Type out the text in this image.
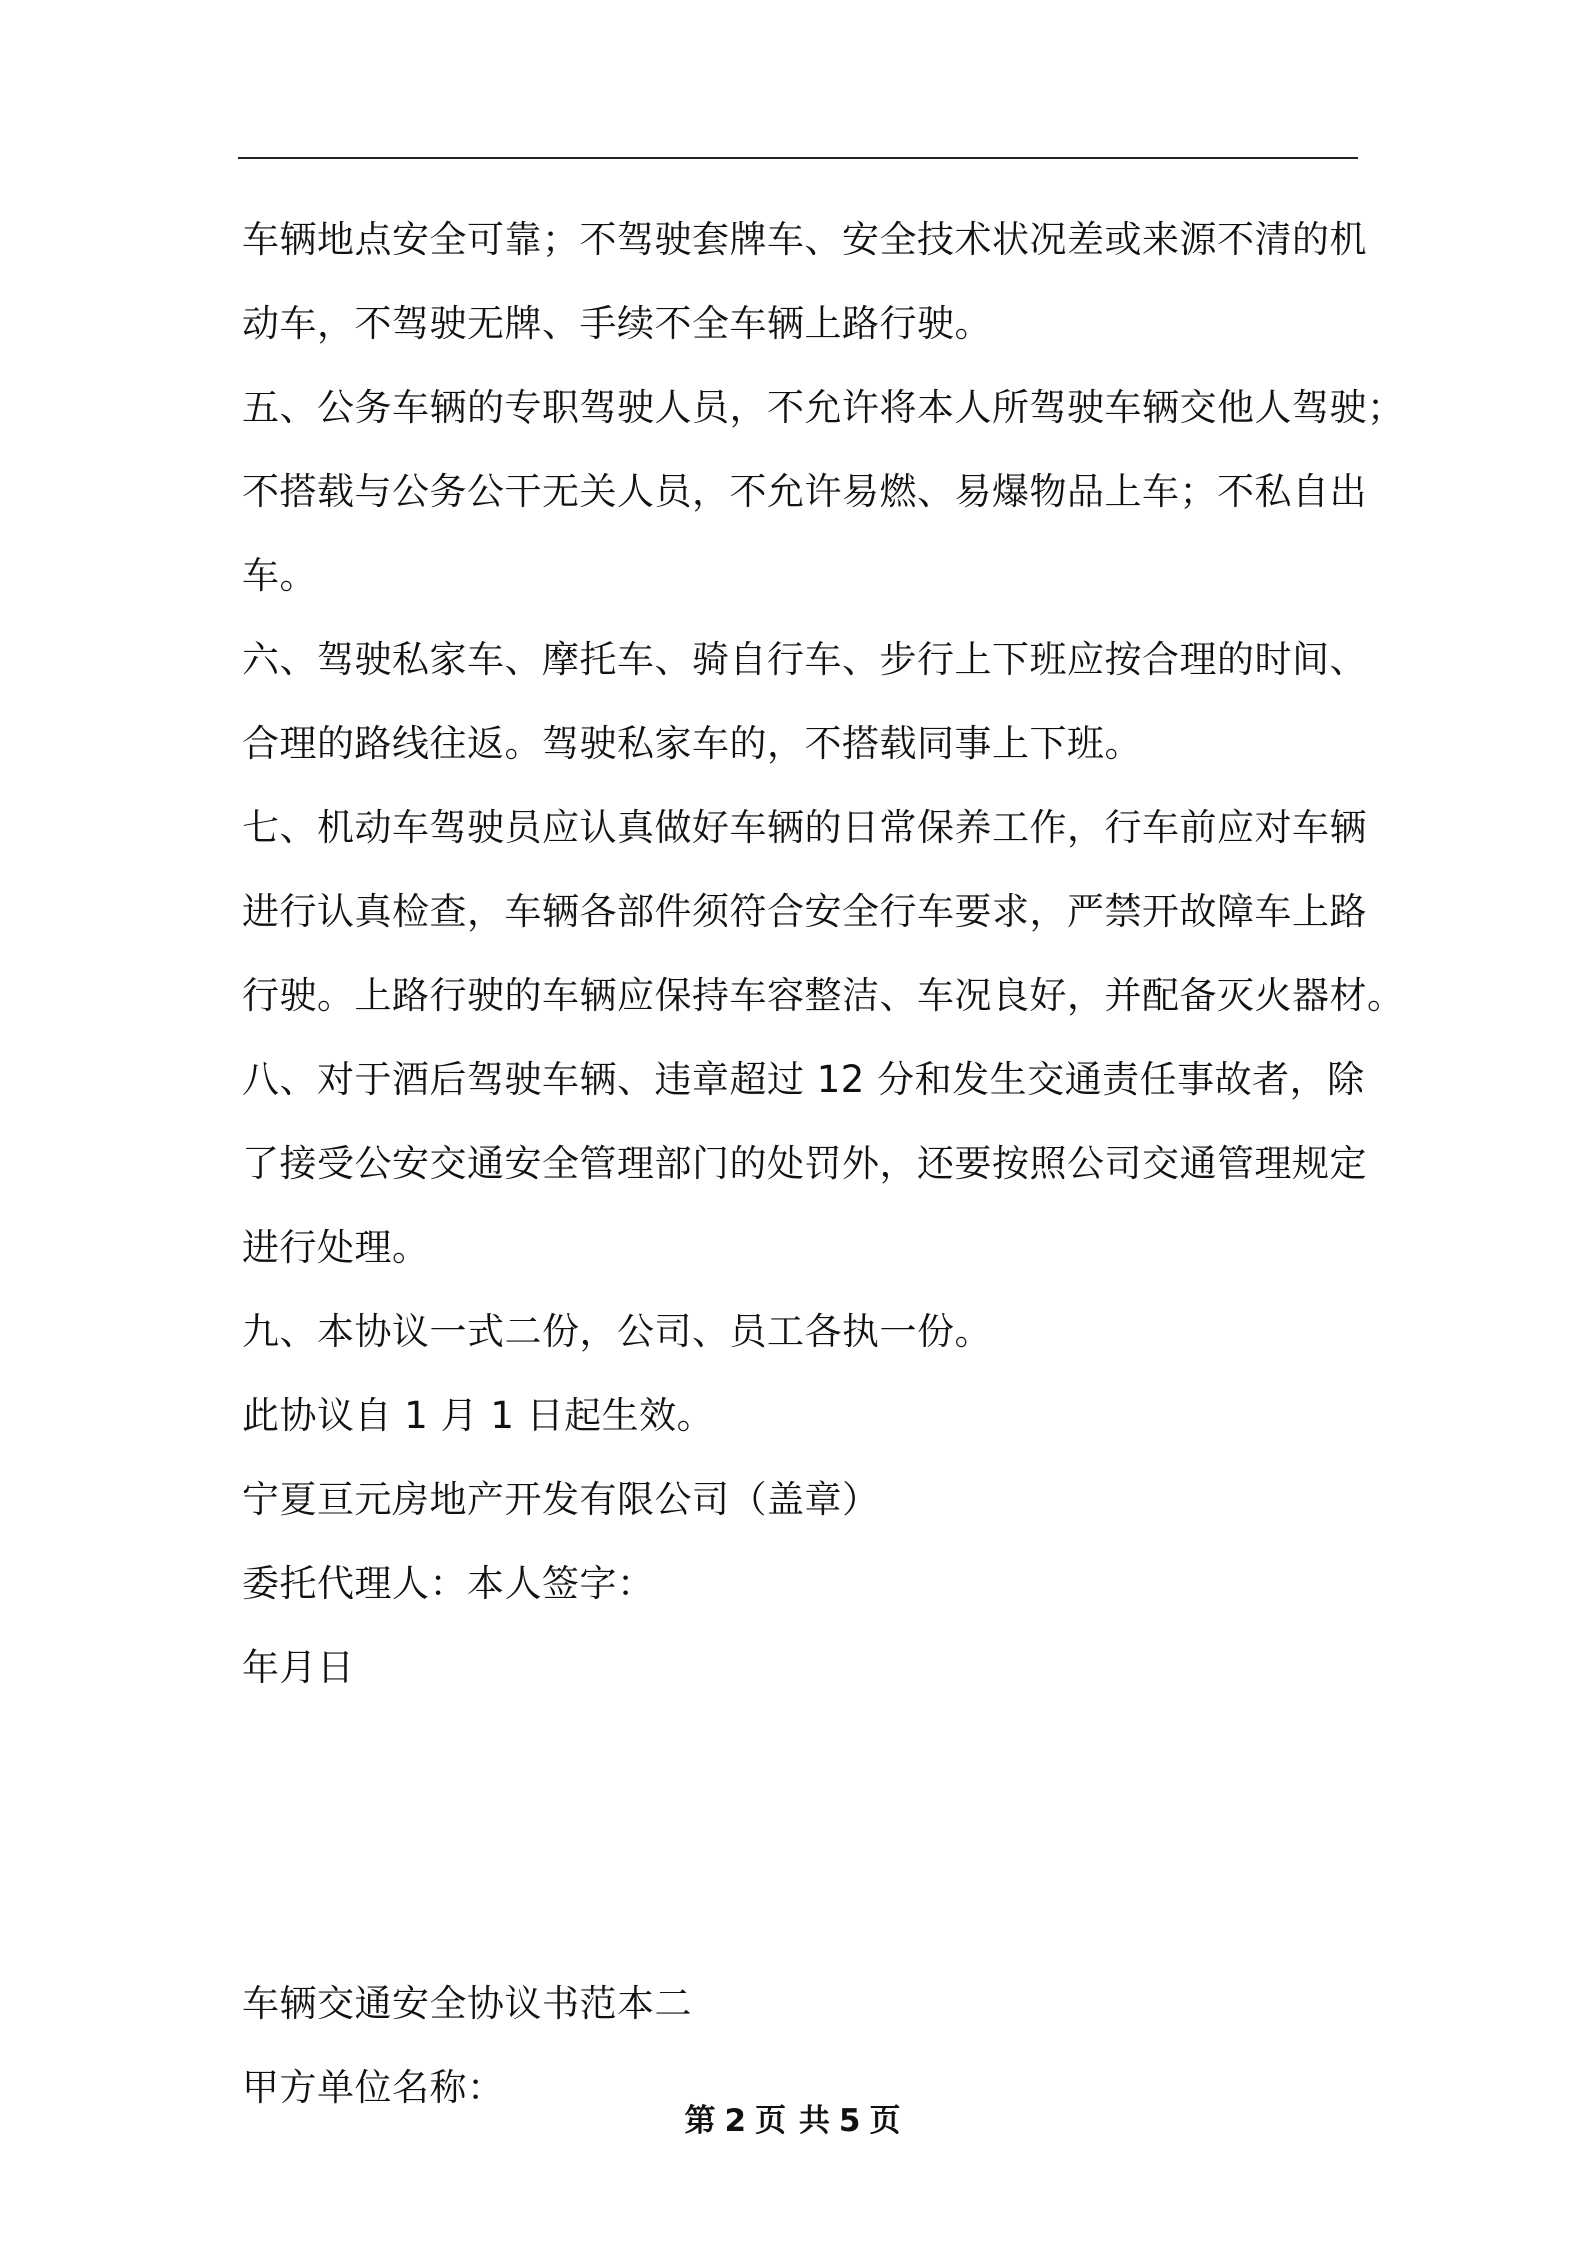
车辆地点安全可靠；不驾驶套牌车、安全技术状况差或来源不清的机
动车，不驾驶无牌、手续不全车辆上路行驶。
五、公务车辆的专职驾驶人员，不允许将本人所驾驶车辆交他人驾驶；
不搭载与公务公干无关人员，不允许易燃、易爆物品上车；不私自出
车。
六、驾驶私家车、摩托车、骑自行车、步行上下班应按合理的时间、
合理的路线往返。驾驶私家车的，不搭载同事上下班。
七、机动车驾驶员应认真做好车辆的日常保养工作，行车前应对车辆
进行认真检查，车辆各部件须符合安全行车要求，严禁开故障车上路
行驶。上路行驶的车辆应保持车容整洁、车况良好，并配备灭火器材。
八、对于酒后驾驶车辆、违章超过 12 分和发生交通责任事故者，除
了接受公安交通安全管理部门的处罚外，还要按照公司交通管理规定
进行处理。
九、本协议一式二份，公司、员工各执一份。
此协议自 1 月 1 日起生效。
宁夏亘元房地产开发有限公司（盖章）
委托代理人：本人签字：
年月日
车辆交通安全协议书范本二
甲方单位名称：
第 2 页 共 5 页
